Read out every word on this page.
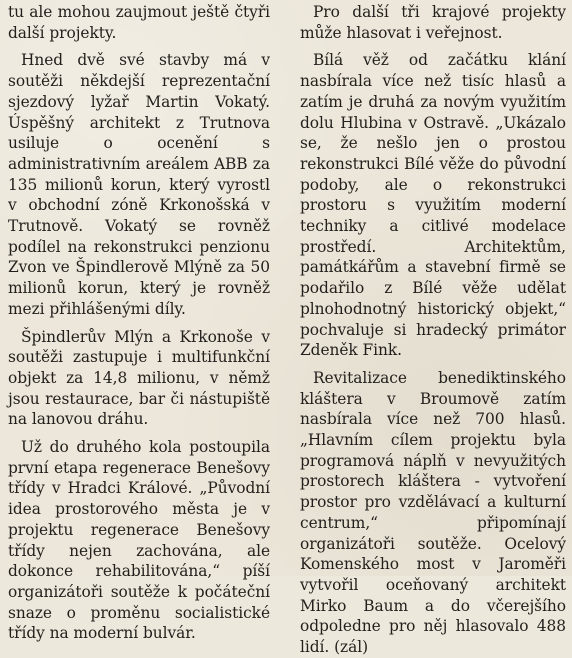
tu ale mohou zaujmout ještě čtyři další projekty.

Hned dvě své stavby má v soutěži někdejší reprezentační sjezdový lyžař Martin Vokatý. Úspěšný architekt z Trutnova usiluje o ocenění s administrativním areálem ABB za 135 milionů korun, který vyrostl v obchodní zóně Krkonošská v Trutnově. Vokatý se rovněž podílel na rekonstrukci penzionu Zvon ve Špindlerově Mlýně za 50 milionů korun, který je rovněž mezi přihlášenými díly.

Špindlerův Mlýn a Krkonoše v soutěži zastupuje i multifunkční objekt za 14,8 milionu, v němž jsou restaurace, bar či nástupiště na lanovou dráhu.

Už do druhého kola postoupila první etapa regenerace Benešovy třídy v Hradci Králové. „Původní idea prostorového města je v projektu regenerace Benešovy třídy nejen zachována, ale dokonce rehabilitována,“ píší organizátoři soutěže k počáteční snaze o proměnu socialistické třídy na moderní bulvár.

Pro další tři krajové projekty může hlasovat i veřejnost.

Bílá věž od začátku klání nasbírala více než tisíc hlasů a zatím je druhá za novým využitím dolu Hlubina v Ostravě. „Ukázalo se, že nešlo jen o prostou rekonstrukci Bílé věže do původní podoby, ale o rekonstrukci prostoru s využitím moderní techniky a citlivé modelace prostředí. Architektům, památkářům a stavební firmě se podařilo z Bílé věže udělat plnohodnotný historický objekt,“ pochvaluje si hradecký primátor Zdeněk Fink.

Revitalizace benediktinského kláštera v Broumově zatím nasbírala více než 700 hlasů. „Hlavním cílem projektu byla programová náplň v nevyužitých prostorech kláštera - vytvoření prostor pro vzdělávací a kulturní centrum,“ připomínají organizátoři soutěže. Ocelový Komenského most v Jaroměři vytvořil oceňovaný architekt Mirko Baum a do včerejšího odpoledne pro něj hlasovalo 488 lidí. (zál)
